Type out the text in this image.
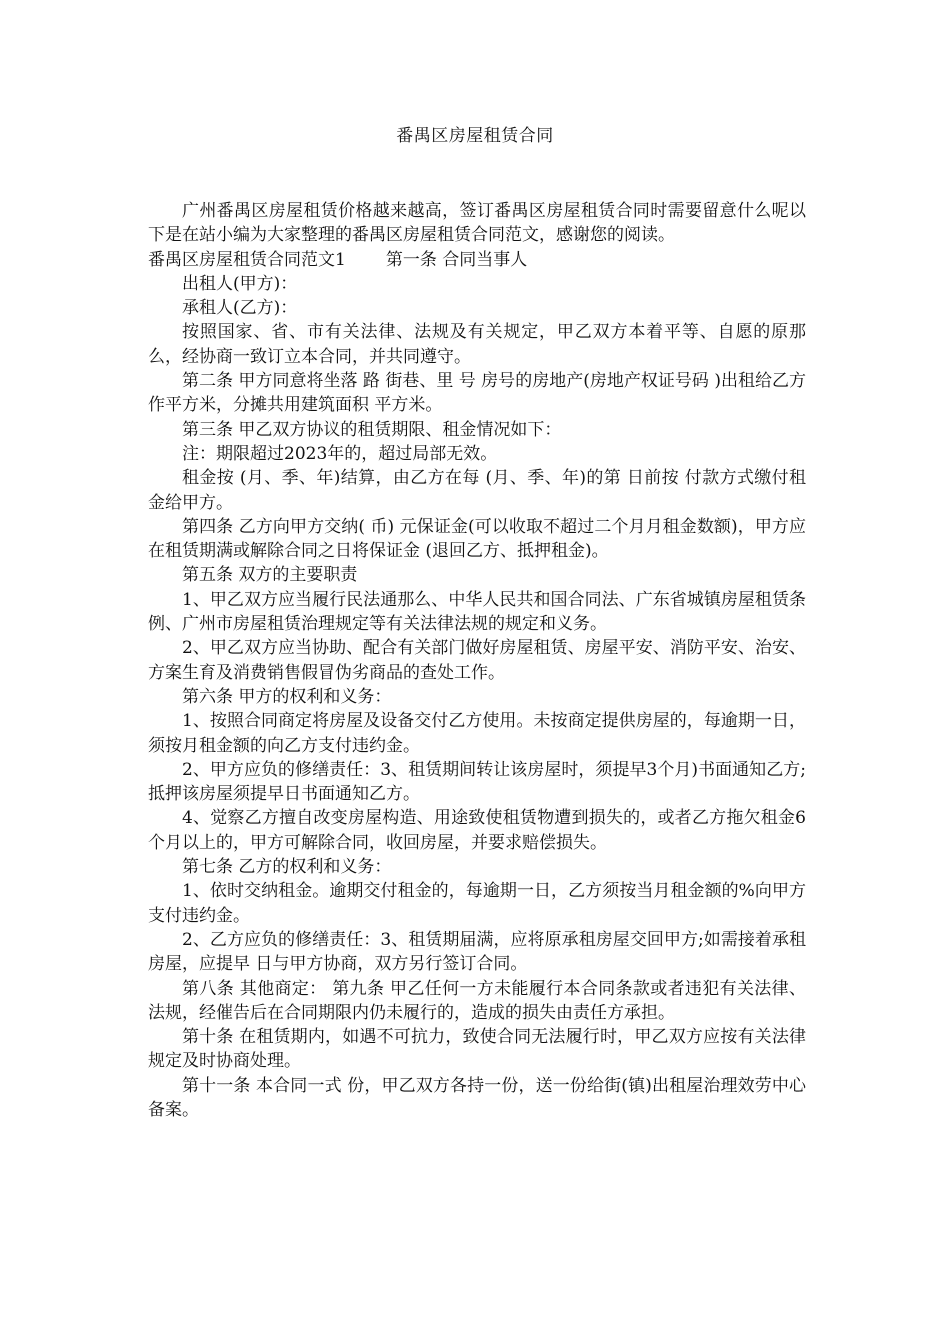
番禺区房屋租赁合同

广州番禺区房屋租赁价格越来越高，签订番禺区房屋租赁合同时需要留意什么呢以下是在站小编为大家整理的番禺区房屋租赁合同范文，感谢您的阅读。

番禺区房屋租赁合同范文1 第一条 合同当事人

出租人(甲方)：

承租人(乙方)：

按照国家、省、市有关法律、法规及有关规定，甲乙双方本着平等、自愿的原那么，经协商一致订立本合同，并共同遵守。

第二条 甲方同意将坐落 路 街巷、里 号 房号的房地产(房地产权证号码 )出租给乙方作平方米，分摊共用建筑面积 平方米。

第三条 甲乙双方协议的租赁期限、租金情况如下：

注：期限超过2023年的，超过局部无效。

租金按 (月、季、年)结算，由乙方在每 (月、季、年)的第 日前按 付款方式缴付租金给甲方。

第四条 乙方向甲方交纳( 币) 元保证金(可以收取不超过二个月月租金数额)，甲方应在租赁期满或解除合同之日将保证金 (退回乙方、抵押租金)。

第五条 双方的主要职责

1、甲乙双方应当履行民法通那么、中华人民共和国合同法、广东省城镇房屋租赁条例、广州市房屋租赁治理规定等有关法律法规的规定和义务。

2、甲乙双方应当协助、配合有关部门做好房屋租赁、房屋平安、消防平安、治安、方案生育及消费销售假冒伪劣商品的查处工作。

第六条 甲方的权利和义务：

1、按照合同商定将房屋及设备交付乙方使用。未按商定提供房屋的，每逾期一日，须按月租金额的向乙方支付违约金。

2、甲方应负的修缮责任：3、租赁期间转让该房屋时，须提早3个月)书面通知乙方;抵押该房屋须提早日书面通知乙方。

4、觉察乙方擅自改变房屋构造、用途致使租赁物遭到损失的，或者乙方拖欠租金6个月以上的，甲方可解除合同，收回房屋，并要求赔偿损失。

第七条 乙方的权利和义务：

1、依时交纳租金。逾期交付租金的，每逾期一日，乙方须按当月租金额的%向甲方支付违约金。

2、乙方应负的修缮责任：3、租赁期届满，应将原承租房屋交回甲方;如需接着承租房屋，应提早 日与甲方协商，双方另行签订合同。

第八条 其他商定： 第九条 甲乙任何一方未能履行本合同条款或者违犯有关法律、法规，经催告后在合同期限内仍未履行的，造成的损失由责任方承担。

第十条 在租赁期内，如遇不可抗力，致使合同无法履行时，甲乙双方应按有关法律规定及时协商处理。

第十一条 本合同一式 份，甲乙双方各持一份，送一份给街(镇)出租屋治理效劳中心备案。
